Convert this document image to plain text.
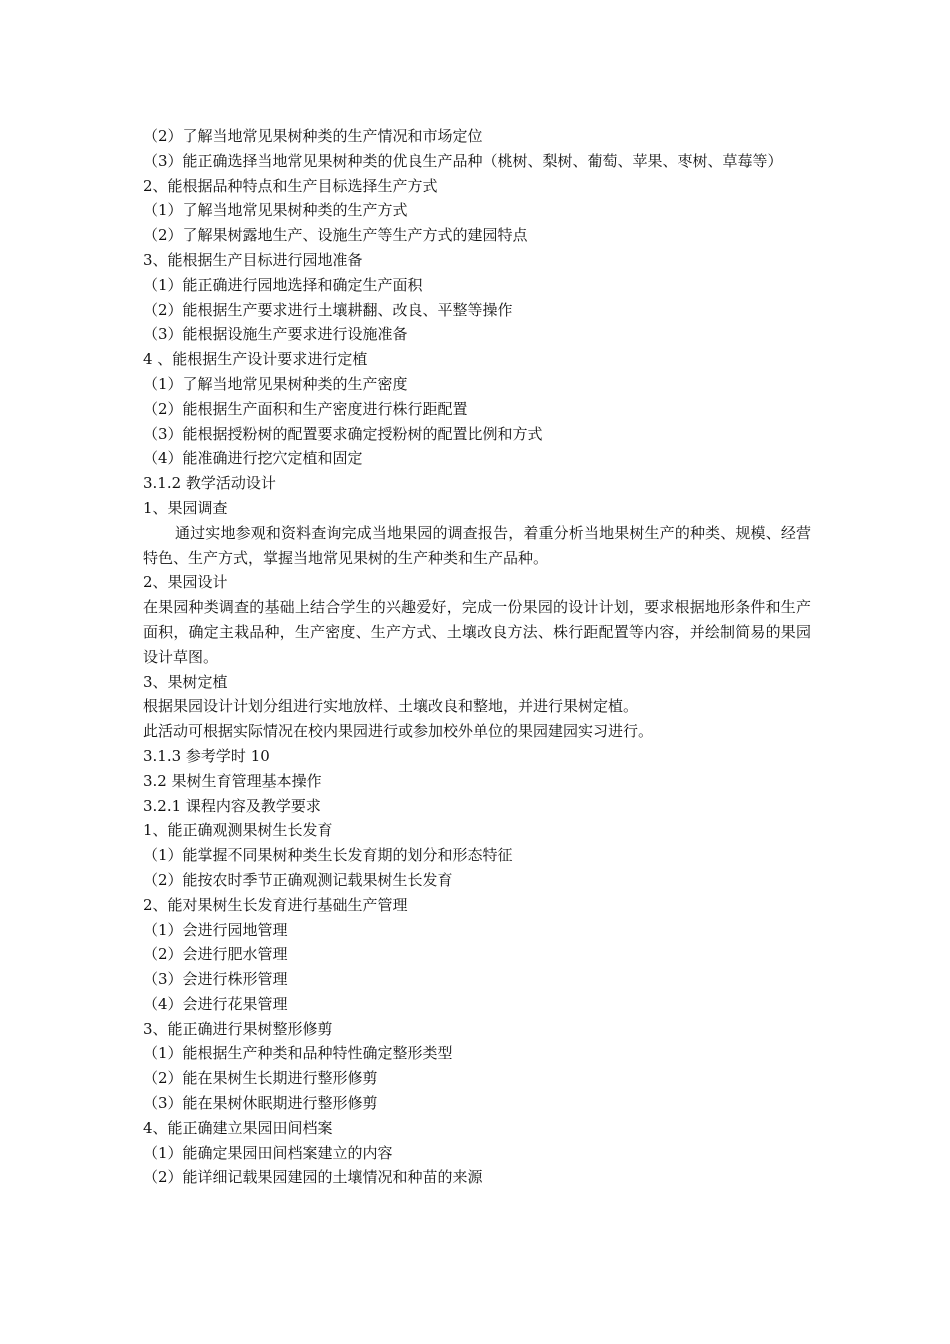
（2）了解当地常见果树种类的生产情况和市场定位
（3）能正确选择当地常见果树种类的优良生产品种（桃树、梨树、葡萄、苹果、枣树、草莓等）
2、能根据品种特点和生产目标选择生产方式
（1）了解当地常见果树种类的生产方式
（2）了解果树露地生产、设施生产等生产方式的建园特点
3、能根据生产目标进行园地准备
（1）能正确进行园地选择和确定生产面积
（2）能根据生产要求进行土壤耕翻、改良、平整等操作
（3）能根据设施生产要求进行设施准备
4 、能根据生产设计要求进行定植
（1）了解当地常见果树种类的生产密度
（2）能根据生产面积和生产密度进行株行距配置
（3）能根据授粉树的配置要求确定授粉树的配置比例和方式
（4）能准确进行挖穴定植和固定
3.1.2 教学活动设计
1、果园调查
通过实地参观和资料查询完成当地果园的调查报告，着重分析当地果树生产的种类、规模、经营特色、生产方式，掌握当地常见果树的生产种类和生产品种。
2、果园设计
在果园种类调查的基础上结合学生的兴趣爱好，完成一份果园的设计计划，要求根据地形条件和生产面积，确定主栽品种，生产密度、生产方式、土壤改良方法、株行距配置等内容，并绘制简易的果园设计草图。
3、果树定植
根据果园设计计划分组进行实地放样、土壤改良和整地，并进行果树定植。
此活动可根据实际情况在校内果园进行或参加校外单位的果园建园实习进行。
3.1.3 参考学时 10
3.2 果树生育管理基本操作
3.2.1 课程内容及教学要求
1、能正确观测果树生长发育
（1）能掌握不同果树种类生长发育期的划分和形态特征
（2）能按农时季节正确观测记载果树生长发育
2、能对果树生长发育进行基础生产管理
（1）会进行园地管理
（2）会进行肥水管理
（3）会进行株形管理
（4）会进行花果管理
3、能正确进行果树整形修剪
（1）能根据生产种类和品种特性确定整形类型
（2）能在果树生长期进行整形修剪
（3）能在果树休眠期进行整形修剪
4、能正确建立果园田间档案
（1）能确定果园田间档案建立的内容
（2）能详细记载果园建园的土壤情况和种苗的来源
